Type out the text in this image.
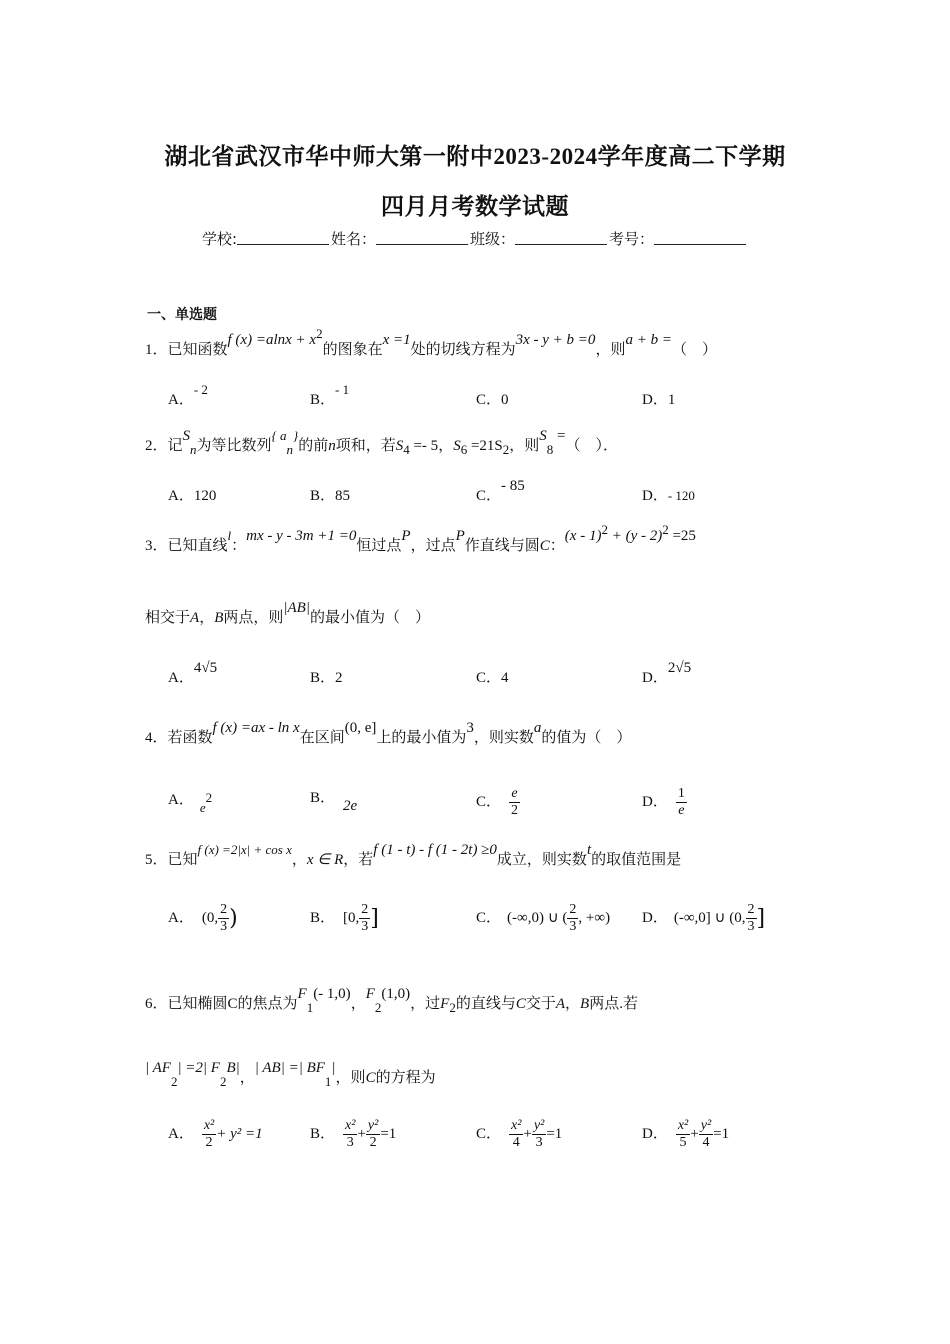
湖北省武汉市华中师大第一附中2023-2024学年度高二下学期
四月月考数学试题
学校:	姓名：	班级：	考号：
一、单选题
1．已知函数f $(x) =alnx + x^2$的图象在x =1处的切线方程为3x - y + b =0，则a + b =（　）
A．- 2
B．- 1
C．0	D．1
2．记$S_n$为等比数列{ $a_n$}的前n项和，若$S_4 =- 5$，$S_6 =21S_2$，则$S_8$ =（　）．
A．120	B．85	C．- 85
D．- 120
3．已知直线l：mx - y - 3m +1 =0恒过点P，过点P作直线与圆C：(x - 1)$^2$ + (y - 2)$^2$ =25
相交于A，B两点，则|AB|的最小值为（　）
A．4√5
B．2	C．4	D．2√5
4．若函数f (x) =ax - ln x在区间(0, e]上的最小值为3，则实数a的值为（　）
A． $e^2$	B． 2e	C． $\frac{e}{2}$	D． $\frac{1}{e}$
5．已知f (x) =2|x| + cos x，x ∈ R，若f (1 - t) - f (1 - 2t) ≥0成立，则实数t的取值范围是
A． (0, $\frac{2}{3}$ )	B． [0, $\frac{2}{3}$ ]	C． (-∞,0) ∪ ( $\frac{2}{3}$ , +∞) D． (-∞,0] ∪ (0, $\frac{2}{3}$ ]
6．已知椭圆C的焦点为$F_1(-$ 1,0)，$F_2(1,0)$，过$F_2$的直线与C交于A，B两点.若
| $AF_2| =2|$ $F_2B|$，| AB| =| $BF_1|$，则C的方程为
A． $\frac{\text{x²}}{2} + y^2 =1$	B． $\frac{\text{x²}}{3} + \frac{\text{y²}}{2} =1$	C． $\frac{\text{x²}}{4} + \frac{\text{y²}}{3} =1$	D． $\frac{\text{x²}}{5} + \frac{\text{y²}}{4} =1$
